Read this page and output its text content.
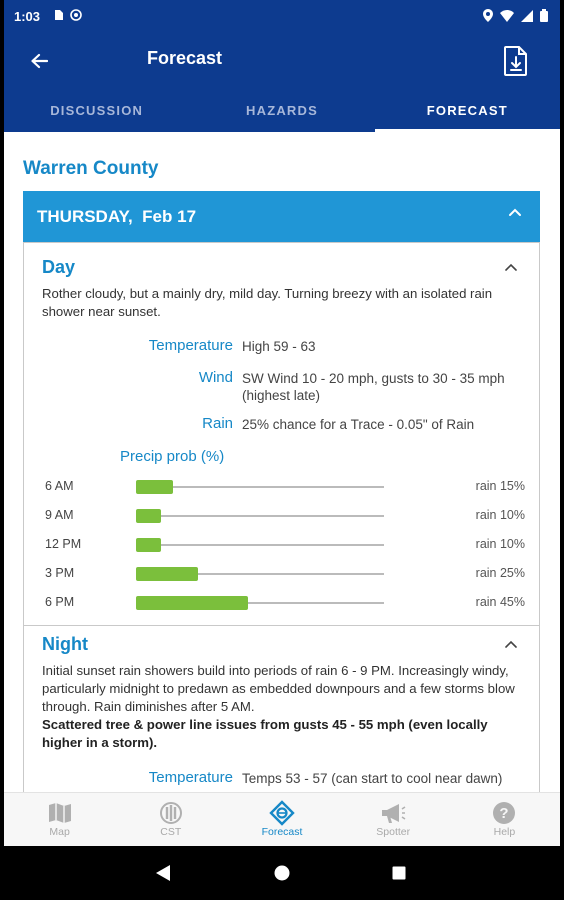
1:03
Forecast
DISCUSSION	HAZARDS	FORECAST
Warren County
THURSDAY,  Feb 17
Day
Rother cloudy, but a mainly dry, mild day. Turning breezy with an isolated rain shower near sunset.
Temperature High 59 - 63
Wind SW Wind 10 - 20 mph, gusts to 30 - 35 mph (highest late)
Rain 25% chance for a Trace - 0.05" of Rain
Precip prob (%)
6 AM	rain 15%
9 AM	rain 10%
12 PM	rain 10%
3 PM	rain 25%
6 PM	rain 45%
Night
Initial sunset rain showers build into periods of rain 6 - 9 PM. Increasingly windy, particularly midnight to predawn as embedded downpours and a few storms blow through. Rain diminishes after 5 AM.
Scattered tree & power line issues from gusts 45 - 55 mph (even locally higher in a storm).
Temperature Temps 53 - 57 (can start to cool near dawn)
Map	CST	Forecast	Spotter
?
Help
